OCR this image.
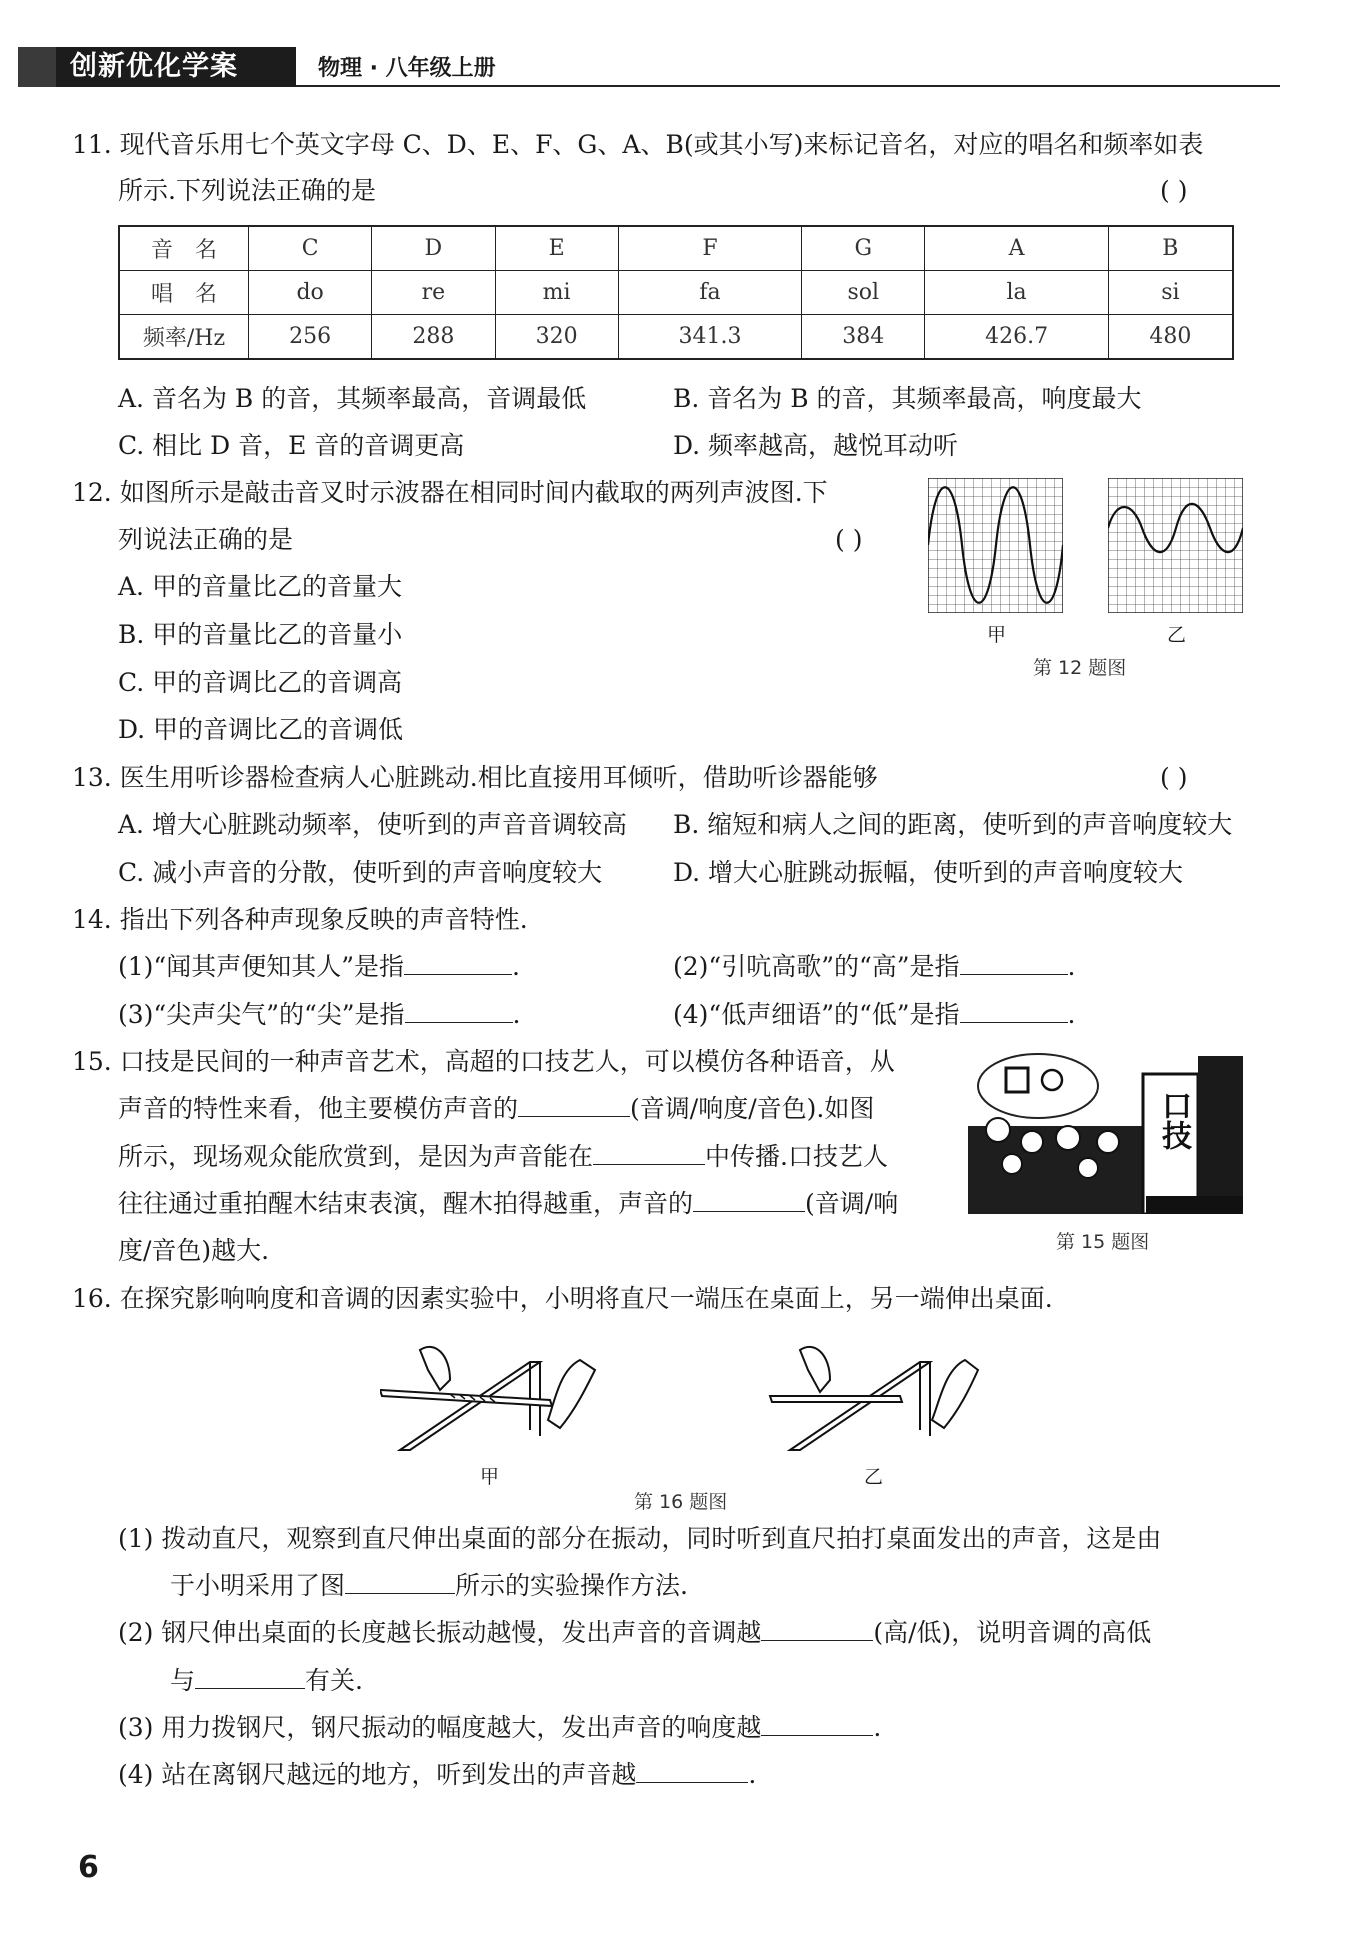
创新优化学案	物理 · 八年级上册
11. 现代音乐用七个英文字母 C、D、E、F、G、A、B(或其小写)来标记音名，对应的唱名和频率如表
所示.下列说法正确的是	( )
音　名	C	D	E	F	G	A	B
唱　名	do	re	mi	fa	sol	la	si
频率/Hz	256	288	320	341.3	384	426.7	480
A. 音名为 B 的音，其频率最高，音调最低	B. 音名为 B 的音，其频率最高，响度最大
C. 相比 D 音，E 音的音调更高	D. 频率越高，越悦耳动听
12. 如图所示是敲击音叉时示波器在相同时间内截取的两列声波图.下
列说法正确的是	( )
A. 甲的音量比乙的音量大
B. 甲的音量比乙的音量小
C. 甲的音调比乙的音调高
D. 甲的音调比乙的音调低
甲	乙
第 12 题图
13. 医生用听诊器检查病人心脏跳动.相比直接用耳倾听，借助听诊器能够	( )
A. 增大心脏跳动频率，使听到的声音音调较高 B. 缩短和病人之间的距离，使听到的声音响度较大
C. 减小声音的分散，使听到的声音响度较大	D. 增大心脏跳动振幅，使听到的声音响度较大
14. 指出下列各种声现象反映的声音特性.
(1)“闻其声便知其人”是指	.	(2)“引吭高歌”的“高”是指	.
(3)“尖声尖气”的“尖”是指	.	(4)“低声细语”的“低”是指	.
15. 口技是民间的一种声音艺术，高超的口技艺人，可以模仿各种语音，从
声音的特性来看，他主要模仿声音的	(音调/响度/音色).如图
所示，现场观众能欣赏到，是因为声音能在	中传播.口技艺人
往往通过重拍醒木结束表演，醒木拍得越重，声音的	(音调/响
度/音色)越大.
口技
第 15 题图
16. 在探究影响响度和音调的因素实验中，小明将直尺一端压在桌面上，另一端伸出桌面.
甲	乙
第 16 题图
(1) 拨动直尺，观察到直尺伸出桌面的部分在振动，同时听到直尺拍打桌面发出的声音，这是由
于小明采用了图	所示的实验操作方法.
(2) 钢尺伸出桌面的长度越长振动越慢，发出声音的音调越	(高/低)，说明音调的高低
与	有关.
(3) 用力拨钢尺，钢尺振动的幅度越大，发出声音的响度越	.
(4) 站在离钢尺越远的地方，听到发出的声音越	.
6
